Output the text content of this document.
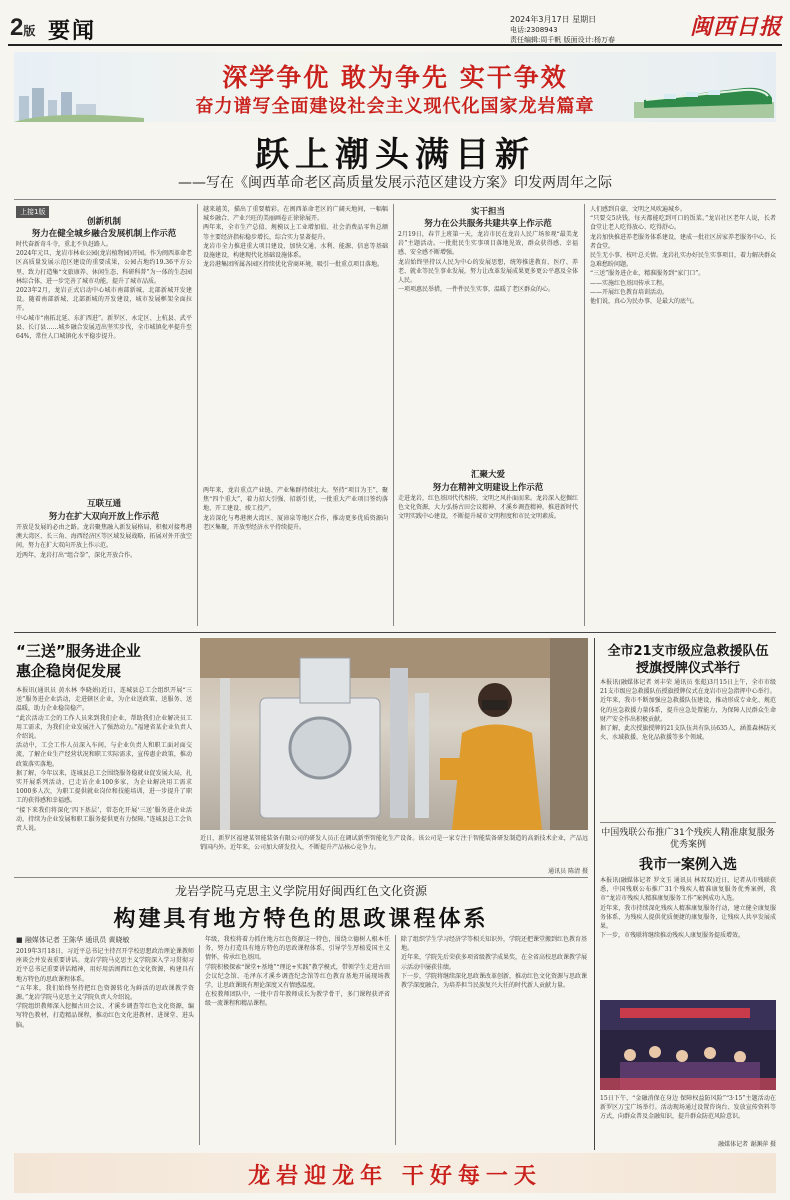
2版 要闻	2024年3月17日 星期日
电话:2308943
责任编辑:周千帆 版面设计:杨万春	闽西日报
深学争优 敢为争先 实干争效
奋力谱写全面建设社会主义现代化国家龙岩篇章
跃上潮头满目新
——写在《闽西革命老区高质量发展示范区建设方案》印发两周年之际
上接1版
创新机制
努力在健全城乡融合发展机制上作示范
时代奋新奇斗寺，重北不负赶路人。
2024年元旦，龙岩市林业公园(龙岩植物园)开园。作为闽西革命老区高质量发展示范区建设的重要成果，公园占地约19.36平方公里，致力打造集“文旅康养、休闲生态、科研科普”为一体的生态园林综合体，进一步完善了城市功能，提升了城市品质。
2023年2月，龙岩正式启动中心城市南部新城、北部新城开发建设。随着南部新城、北部新城的开发建设，城市发展框架全面拉开。
中心城市“南拓北延、东扩西进”。新罗区、永定区、上杭县、武平县、长汀县……城乡融合发展迈出坚实步伐，全市城镇化率提升至64%，常住人口城镇化水平稳步提升。
互联互通
努力在扩大双向开放上作示范
开放是发展的必由之路。龙岩聚焦融入新发展格局，积极对接粤港澳大湾区、长三角、海西经济区等区域发展战略，拓展对外开放空间，努力在扩大双向开放上作示范。
近两年，龙岩打出“组合拳”，深化开放合作。
越来越美，描出了重要精彩。在闽西革命老区的广阔天地间，一幅幅城乡融合、产业兴旺的美丽画卷正徐徐展开。
两年来，全市生产总值、规模以上工业增加值、社会消费品零售总额等主要经济指标稳步增长，综合实力显著提升。
龙岩市全力推进重大项目建设，加快交通、水利、能源、信息等基础设施建设，构建现代化基础设施体系。
龙岩港集团所属各园区持续优化营商环境，吸引一批重点项目落地。
两年来，龙岩重点产业链、产业集群持续壮大。坚持“项目为王”，聚焦“四个重大”，着力招大引强、招新引优，一批重大产业项目签约落地、开工建设、竣工投产。
龙岩深化与粤港澳大湾区、厦漳泉等地区合作，推动更多优质资源向老区集聚，开放型经济水平持续提升。
实干担当
努力在公共服务共建共享上作示范
2月19日，春节上班第一天，龙岩市民在龙岩人民广场参观“最美龙岩”主题活动。一批批民生实事项目落地见效，群众获得感、幸福感、安全感不断增强。
龙岩始终坚持以人民为中心的发展思想，统筹推进教育、医疗、养老、就业等民生事业发展，努力让改革发展成果更多更公平惠及全体人民。
一项项惠民举措，一件件民生实事，温暖了老区群众的心。
汇聚大爱
努力在精神文明建设上作示范
走进龙岩，红色基因代代相传，文明之风扑面而来。龙岩深入挖掘红色文化资源，大力弘扬古田会议精神、才溪乡调查精神，推进新时代文明实践中心建设，不断提升城市文明程度和市民文明素质。
人们感到自豪，文明之风吹遍城乡。
“只要交5块钱，每天都能吃到可口的饭菜。”龙岩社区老年人说，长者食堂让老人吃得放心、吃得舒心。
龙岩加快推进养老服务体系建设，建成一批社区居家养老服务中心、长者食堂。
民生无小事，枝叶总关情。龙岩扎实办好民生实事项目，着力解决群众急难愁盼问题。
“三送”服务进企业，精准服务到“家门口”。
——实施红色基因传承工程。
——开展红色教育培训活动。
他们说，真心为民办事，是最大的底气。
“三送”服务进企业
惠企稳岗促发展
本报讯(通讯员 黄水林 李晓娟)近日，连城县总工会组织开展“三送”服务进企业活动，走进辖区企业，为企业送政策、送服务、送温暖，助力企业稳岗稳产。
“此次活动工会的工作人员来到我们企业，帮助我们企业解决员工用工需求，为我们企业发展注入了强劲动力。”福建省某企业负责人介绍说。
活动中，工会工作人员深入车间，与企业负责人和职工面对面交流，了解企业生产经营状况和职工实际需求，宣传惠企政策，推动政策落实落地。
据了解，今年以来，连城县总工会围绕服务稳就业促发展大局，扎实开展系列活动，已走访企业100多家，为企业解决用工需求1000多人次，为职工提供就业岗位和技能培训，进一步提升了职工的获得感和幸福感。
“接下来我们将深化‘四下基层’，常态化开展‘三送’服务进企业活动，持续为企业发展和职工服务提供更有力保障。”连城县总工会负责人说。
近日，新罗区福建某智能装备有限公司的研发人员正在调试新型智能化生产设备。该公司是一家专注于智能装备研发制造的高新技术企业，产品远销国内外。近年来，公司加大研发投入，不断提升产品核心竞争力。
通讯员 陈清 摄
龙岩学院马克思主义学院用好闽西红色文化资源
构建具有地方特色的思政课程体系
■ 融媒体记者 王陈华 通讯员 黄晓敏
2019年3月18日，习近平总书记主持召开学校思想政治理论课教师座谈会并发表重要讲话。龙岩学院马克思主义学院深入学习贯彻习近平总书记重要讲话精神，用好用活闽西红色文化资源，构建具有地方特色的思政课程体系。
“五年来，我们始终坚持把红色资源转化为鲜活的思政课教学资源。”龙岩学院马克思主义学院负责人介绍说。
学院组织教师深入挖掘古田会议、才溪乡调查等红色文化资源，编写特色教材，打造精品课程，推动红色文化进教材、进课堂、进头脑。
年级，我校将着力抓住地方红色资源这一特色，围绕立德树人根本任务，努力打造具有地方特色的思政课程体系，引导学生厚植爱国主义情怀，传承红色基因。
学院积极探索“课堂+基地”“理论+实践”教学模式，带领学生走进古田会议纪念馆、毛泽东才溪乡调查纪念馆等红色教育基地开展现场教学，让思政课既有理论深度又有情感温度。
在校教师团队中，一批中青年教师成长为教学骨干，多门课程获评省级一流课程和精品课程。
除了组织学生学习经济学等相关知识外，学院还把课堂搬到红色教育基地。
近年来，学院先后荣获多项省级教学成果奖，在全省高校思政课教学展示活动中屡获佳绩。
下一步，学院将继续深化思政课改革创新，推动红色文化资源与思政课教学深度融合，为培养担当民族复兴大任的时代新人贡献力量。
全市21支市级应急救援队伍
授旗授牌仪式举行
本报讯(融媒体记者 刘丰荣 通讯员 张彪)3月15日上午，全市市级21支市级应急救援队伍授旗授牌仪式在龙岩市应急指挥中心举行。
近年来，我市不断加强应急救援队伍建设，推动形成专业化、规范化的应急救援力量体系，提升应急处置能力，为保障人民群众生命财产安全作出积极贡献。
据了解，此次授旗授牌的21支队伍共有队员635人，涵盖森林防灭火、水域救援、危化品救援等多个领域。
中国残联公布推广31个残疾人精准康复服务优秀案例
我市一案例入选
本报讯(融媒体记者 罗文玉 通讯员 林双双)近日，记者从市残联获悉，中国残联公布推广31个残疾人精准康复服务优秀案例，我市“龙岩市残疾人精准康复服务工作”案例成功入选。
近年来，我市持续深化残疾人精准康复服务行动，建立健全康复服务体系，为残疾人提供优质便捷的康复服务，让残疾人共享发展成果。
下一步，市残联将继续推动残疾人康复服务提质增效。
15日下午，“金融消保在身边 保障权益防风险”“3·15”主题活动在新罗区万宝广场举行。活动现场通过设置咨询台、发放宣传资料等方式，向群众普及金融知识，提升群众防范风险意识。
融媒体记者 谢渊萍 摄
龙岩迎龙年 干好每一天
